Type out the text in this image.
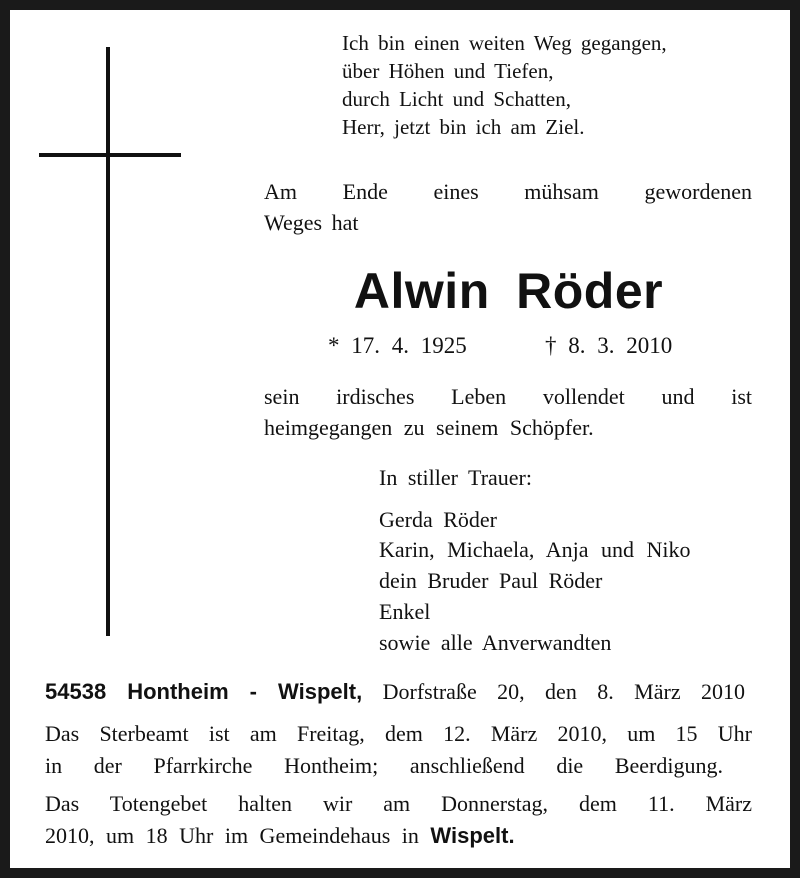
Ich bin einen weiten Weg gegangen,
über Höhen und Tiefen,
durch Licht und Schatten,
Herr, jetzt bin ich am Ziel.
Am Ende eines mühsam gewordenen
Weges hat
Alwin Röder
* 17. 4. 1925	† 8. 3. 2010
sein irdisches Leben vollendet und ist
heimgegangen zu seinem Schöpfer.
In stiller Trauer:
Gerda Röder
Karin, Michaela, Anja und Niko
dein Bruder Paul Röder
Enkel
sowie alle Anverwandten
54538 Hontheim - Wispelt, Dorfstraße 20, den 8. März 2010
Das Sterbeamt ist am Freitag, dem 12. März 2010, um 15 Uhr
in der Pfarrkirche Hontheim; anschließend die Beerdigung.
Das Totengebet halten wir am Donnerstag, dem 11. März
2010, um 18 Uhr im Gemeindehaus in Wispelt.
